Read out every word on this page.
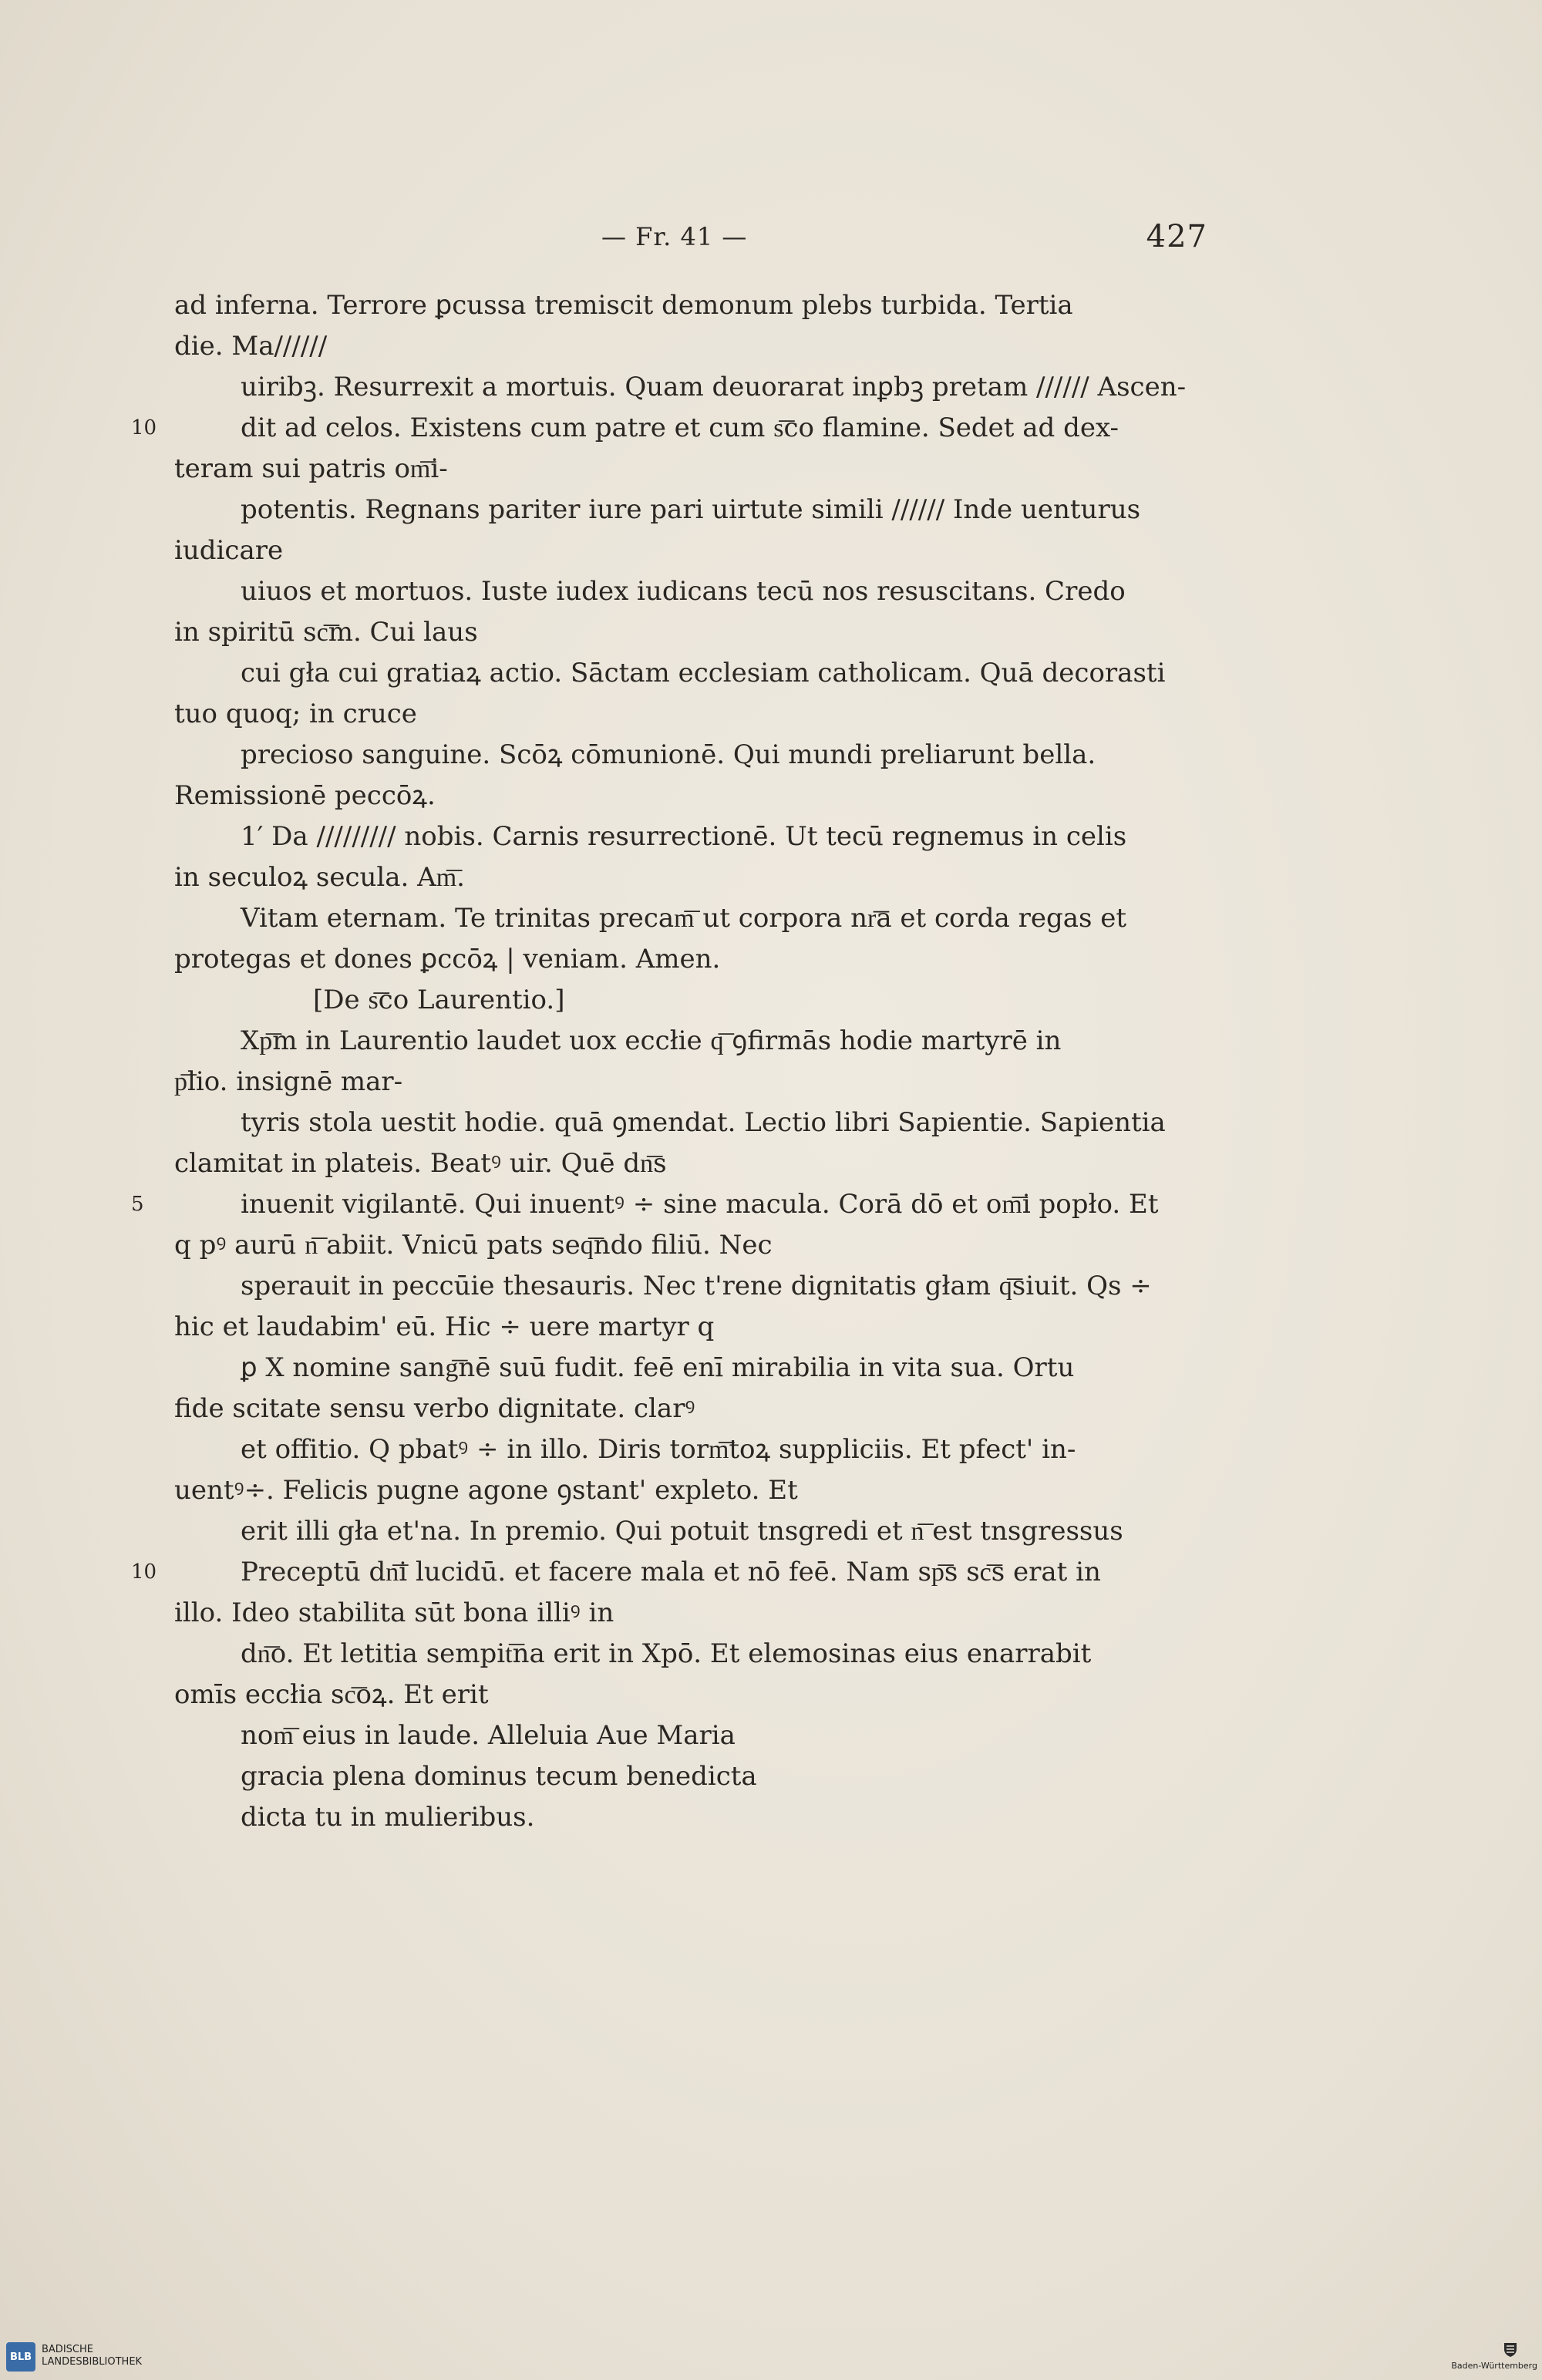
— Fr. 41 —	427
ad inferna. Terrore ꝑcussa tremiscit demonum plebs turbida. Tertia
die. Ma//////
uiribꝫ. Resurrexit a mortuis. Quam deuorarat inꝑbꝫ pretam ////// Ascen-
10	dit ad celos. Existens cum patre et cum s͞co flamine. Sedet ad dex-
teram sui patris om͞i-
potentis. Regnans pariter iure pari uirtute simili ////// Inde uenturus
iudicare
uiuos et mortuos. Iuste iudex iudicans tecū nos resuscitans. Credo
in spiritū sc͞m. Cui laus
cui gła cui gratiaꝝ actio. Sāctam ecclesiam catholicam. Quā decorasti
tuo quoq; in cruce
precioso sanguine. Scōꝝ cōmunionē. Qui mundi preliarunt bella.
Remissionē peccōꝝ.
1′ Da ///////// nobis. Carnis resurrectionē. Ut tecū regnemus in celis
in seculoꝝ secula. Am͞.
Vitam eternam. Te trinitas precam͞ ut corpora nr͞a et corda regas et
protegas et dones ꝑccōꝝ | veniam. Amen.
[De s͞co Laurentio.]
Xp͞m in Laurentio laudet uox eccłie q͞ ꝯfirmās hodie martyrē in
p͞lio. insignē mar-
tyris stola uestit hodie. quā ꝯmendat. Lectio libri Sapientie. Sapientia
clamitat in plateis. Beatꝰ uir. Quē dn͞s
5	inuenit vigilantē. Qui inuentꝰ ÷ sine macula. Corā dō et om͞i popło. Et
q pꝰ aurū n͞ abiit. Vnicū pats seq͞ndo filiū. Nec
sperauit in peccūie thesauris. Nec t'rene dignitatis głam q͞siuit. Qs ÷
hic et laudabim' eū. Hic ÷ uere martyr q
ꝑ X nomine sang͞nē suū fudit. feē enī mirabilia in vita sua. Ortu
fide scitate sensu verbo dignitate. clarꝰ
et offitio. Q pbatꝰ ÷ in illo. Diris torm͞toꝝ suppliciis. Et pfect' in-
uentꝰ÷. Felicis pugne agone ꝯstant' expleto. Et
erit illi gła et'na. In premio. Qui potuit tnsgredi et n͞ est tnsgressus
10	Preceptū dn͞i lucidū. et facere mala et nō feē. Nam sp͞s sc͞s erat in
illo. Ideo stabilita sūt bona illiꝰ in
dn͞o. Et letitia sempit͞na erit in Xpō. Et elemosinas eius enarrabit
omīs eccłia sc͞oꝝ. Et erit
nom͞ eius in laude. Alleluia Aue Maria
gracia plena dominus tecum benedicta
dicta tu in mulieribus.
BLB
BADISCHE
LANDESBIBLIOTHEK	Baden-Württemberg
